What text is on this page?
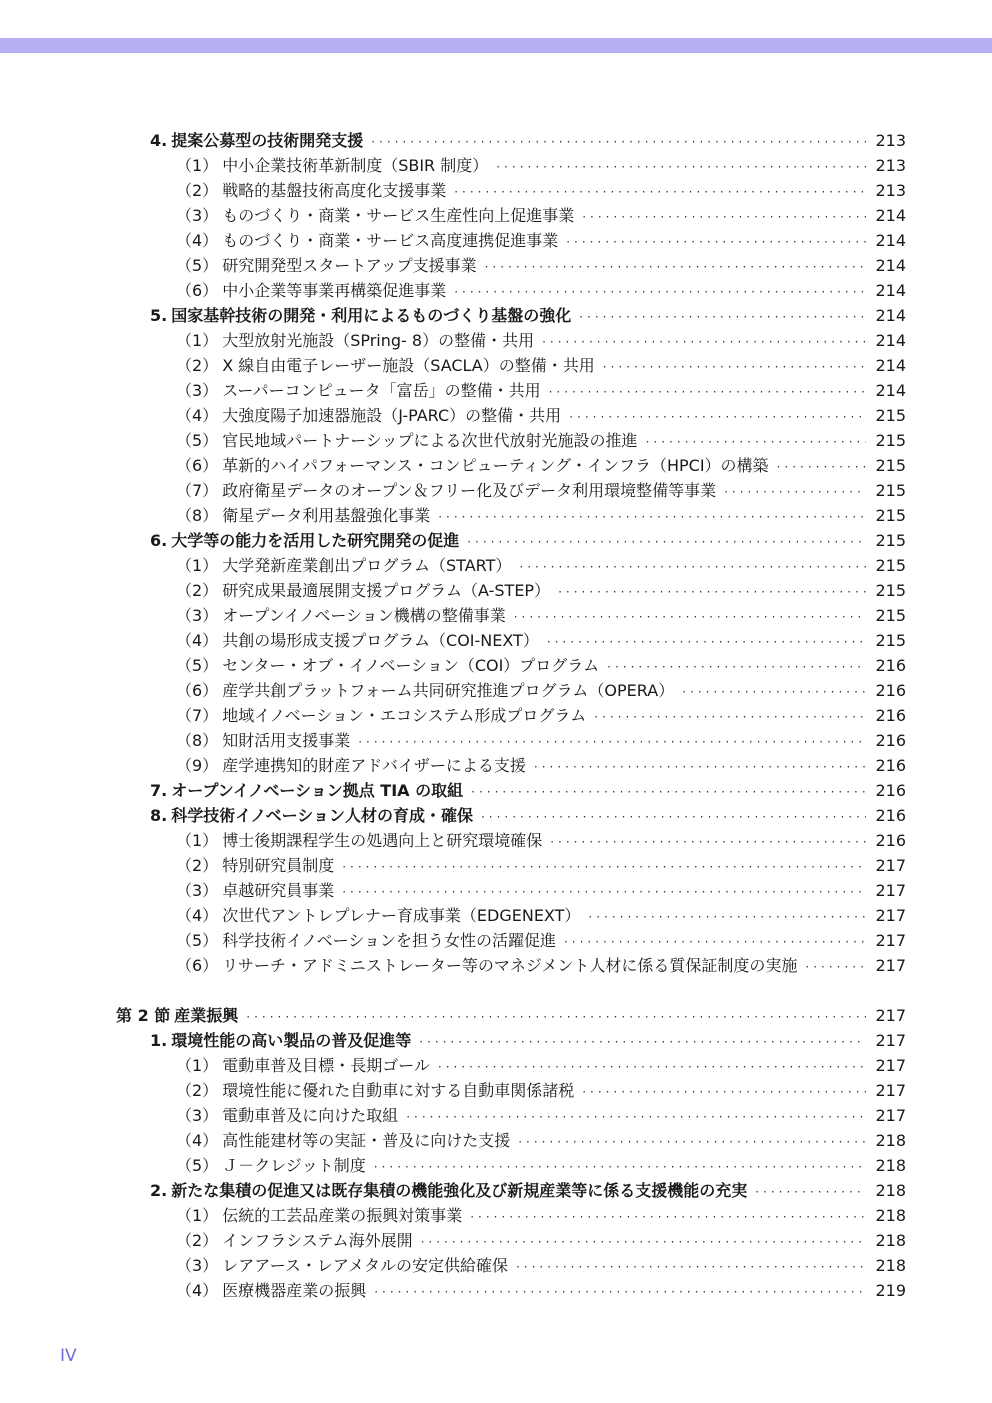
4. 提案公募型の技術開発支援 ·····	213
（1） 中小企業技術革新制度（SBIR 制度） ·····	213
（2） 戦略的基盤技術高度化支援事業 ·····	213
（3） ものづくり・商業・サービス生産性向上促進事業 ·····	214
（4） ものづくり・商業・サービス高度連携促進事業 ·····	214
（5） 研究開発型スタートアップ支援事業 ·····	214
（6） 中小企業等事業再構築促進事業 ·····	214
5. 国家基幹技術の開発・利用によるものづくり基盤の強化 ·····	214
（1） 大型放射光施設（SPring- 8）の整備・共用 ·····	214
（2） X 線自由電子レーザー施設（SACLA）の整備・共用 ·····	214
（3） スーパーコンピュータ「富岳」の整備・共用 ·····	214
（4） 大強度陽子加速器施設（J-PARC）の整備・共用 ·····	215
（5） 官民地域パートナーシップによる次世代放射光施設の推進 ·····	215
（6） 革新的ハイパフォーマンス・コンピューティング・インフラ（HPCI）の構築 ·····	215
（7） 政府衛星データのオープン＆フリー化及びデータ利用環境整備等事業 ·····	215
（8） 衛星データ利用基盤強化事業 ·····	215
6. 大学等の能力を活用した研究開発の促進 ·····	215
（1） 大学発新産業創出プログラム（START） ·····	215
（2） 研究成果最適展開支援プログラム（A-STEP） ·····	215
（3） オープンイノベーション機構の整備事業 ·····	215
（4） 共創の場形成支援プログラム（COI-NEXT） ·····	215
（5） センター・オブ・イノベーション（COI）プログラム ·····	216
（6） 産学共創プラットフォーム共同研究推進プログラム（OPERA） ·····	216
（7） 地域イノベーション・エコシステム形成プログラム ·····	216
（8） 知財活用支援事業 ·····	216
（9） 産学連携知的財産アドバイザーによる支援 ·····	216
7. オープンイノベーション拠点 TIA の取組 ·····	216
8. 科学技術イノベーション人材の育成・確保 ·····	216
（1） 博士後期課程学生の処遇向上と研究環境確保 ·····	216
（2） 特別研究員制度 ·····	217
（3） 卓越研究員事業 ·····	217
（4） 次世代アントレプレナー育成事業（EDGENEXT） ·····	217
（5） 科学技術イノベーションを担う女性の活躍促進 ·····	217
（6） リサーチ・アドミニストレーター等のマネジメント人材に係る質保証制度の実施 ·····	217
第 2 節 産業振興 ·····	217
1. 環境性能の高い製品の普及促進等 ·····	217
（1） 電動車普及目標・長期ゴール ·····	217
（2） 環境性能に優れた自動車に対する自動車関係諸税 ·····	217
（3） 電動車普及に向けた取組 ·····	217
（4） 高性能建材等の実証・普及に向けた支援 ·····	218
（5） Ｊ－クレジット制度 ·····	218
2. 新たな集積の促進又は既存集積の機能強化及び新規産業等に係る支援機能の充実 ·····	218
（1） 伝統的工芸品産業の振興対策事業 ·····	218
（2） インフラシステム海外展開 ·····	218
（3） レアアース・レアメタルの安定供給確保 ·····	218
（4） 医療機器産業の振興 ·····	219
IV
